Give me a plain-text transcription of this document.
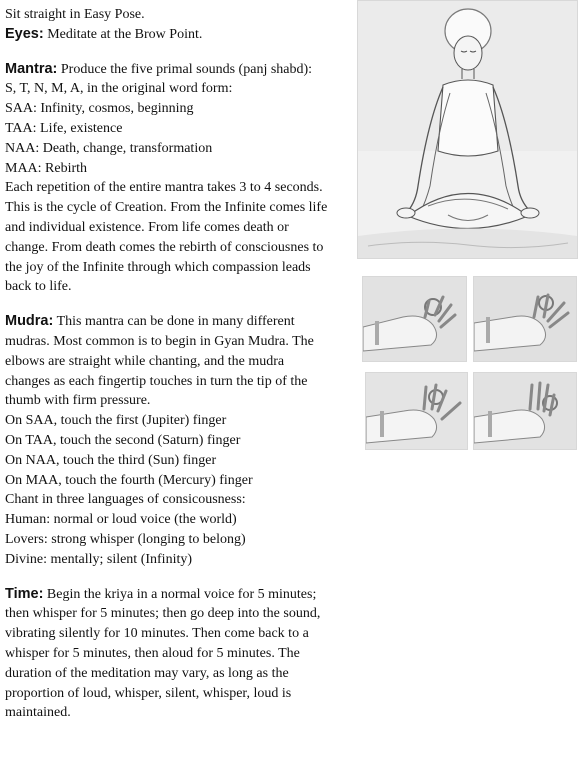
Sit straight in Easy Pose.

Eyes: Meditate at the Brow Point.

Mantra: Produce the five primal sounds (panj shabd):
S, T, N, M, A, in the original word form:
SAA: Infinity, cosmos, beginning
TAA: Life, existence
NAA: Death, change, transformation
MAA: Rebirth
Each repetition of the entire mantra takes 3 to 4 seconds.
This is the cycle of Creation. From the Infinite comes life
and individual existence. From life comes death or
change. From death comes the rebirth of consciousnes to
the joy of the Infinite through which compassion leads
back to life.
Mudra: This mantra can be done in many different
mudras. Most common is to begin in Gyan Mudra. The
elbows are straight while chanting, and the mudra
changes as each fingertip touches in turn the tip of the
thumb with firm pressure.
On SAA, touch the first (Jupiter) finger
On TAA, touch the second (Saturn) finger
On NAA, touch the third (Sun) finger
On MAA, touch the fourth (Mercury) finger
Chant in three languages of consicousness:
Human: normal or loud voice (the world)
Lovers: strong whisper (longing to belong)
Divine: mentally; silent (Infinity)
Time: Begin the kriya in a normal voice for 5 minutes;
then whisper for 5 minutes; then go deep into the sound,
vibrating silently for 10 minutes. Then come back to a
whisper for 5 minutes, then aloud for 5 minutes. The
duration of the meditation may vary, as long as the
proportion of loud, whisper, silent, whisper, loud is
maintained.
